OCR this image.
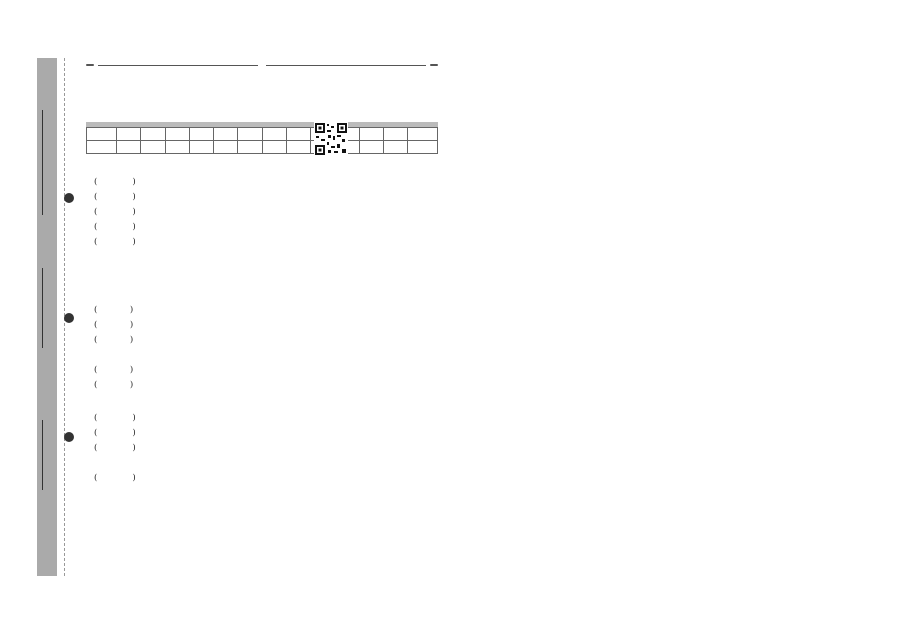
(	)
(	)
(	)
(	)
(	)
(	)
(	)
(	)
(	)
(	)
(	)
(	)
(	)
(	)
